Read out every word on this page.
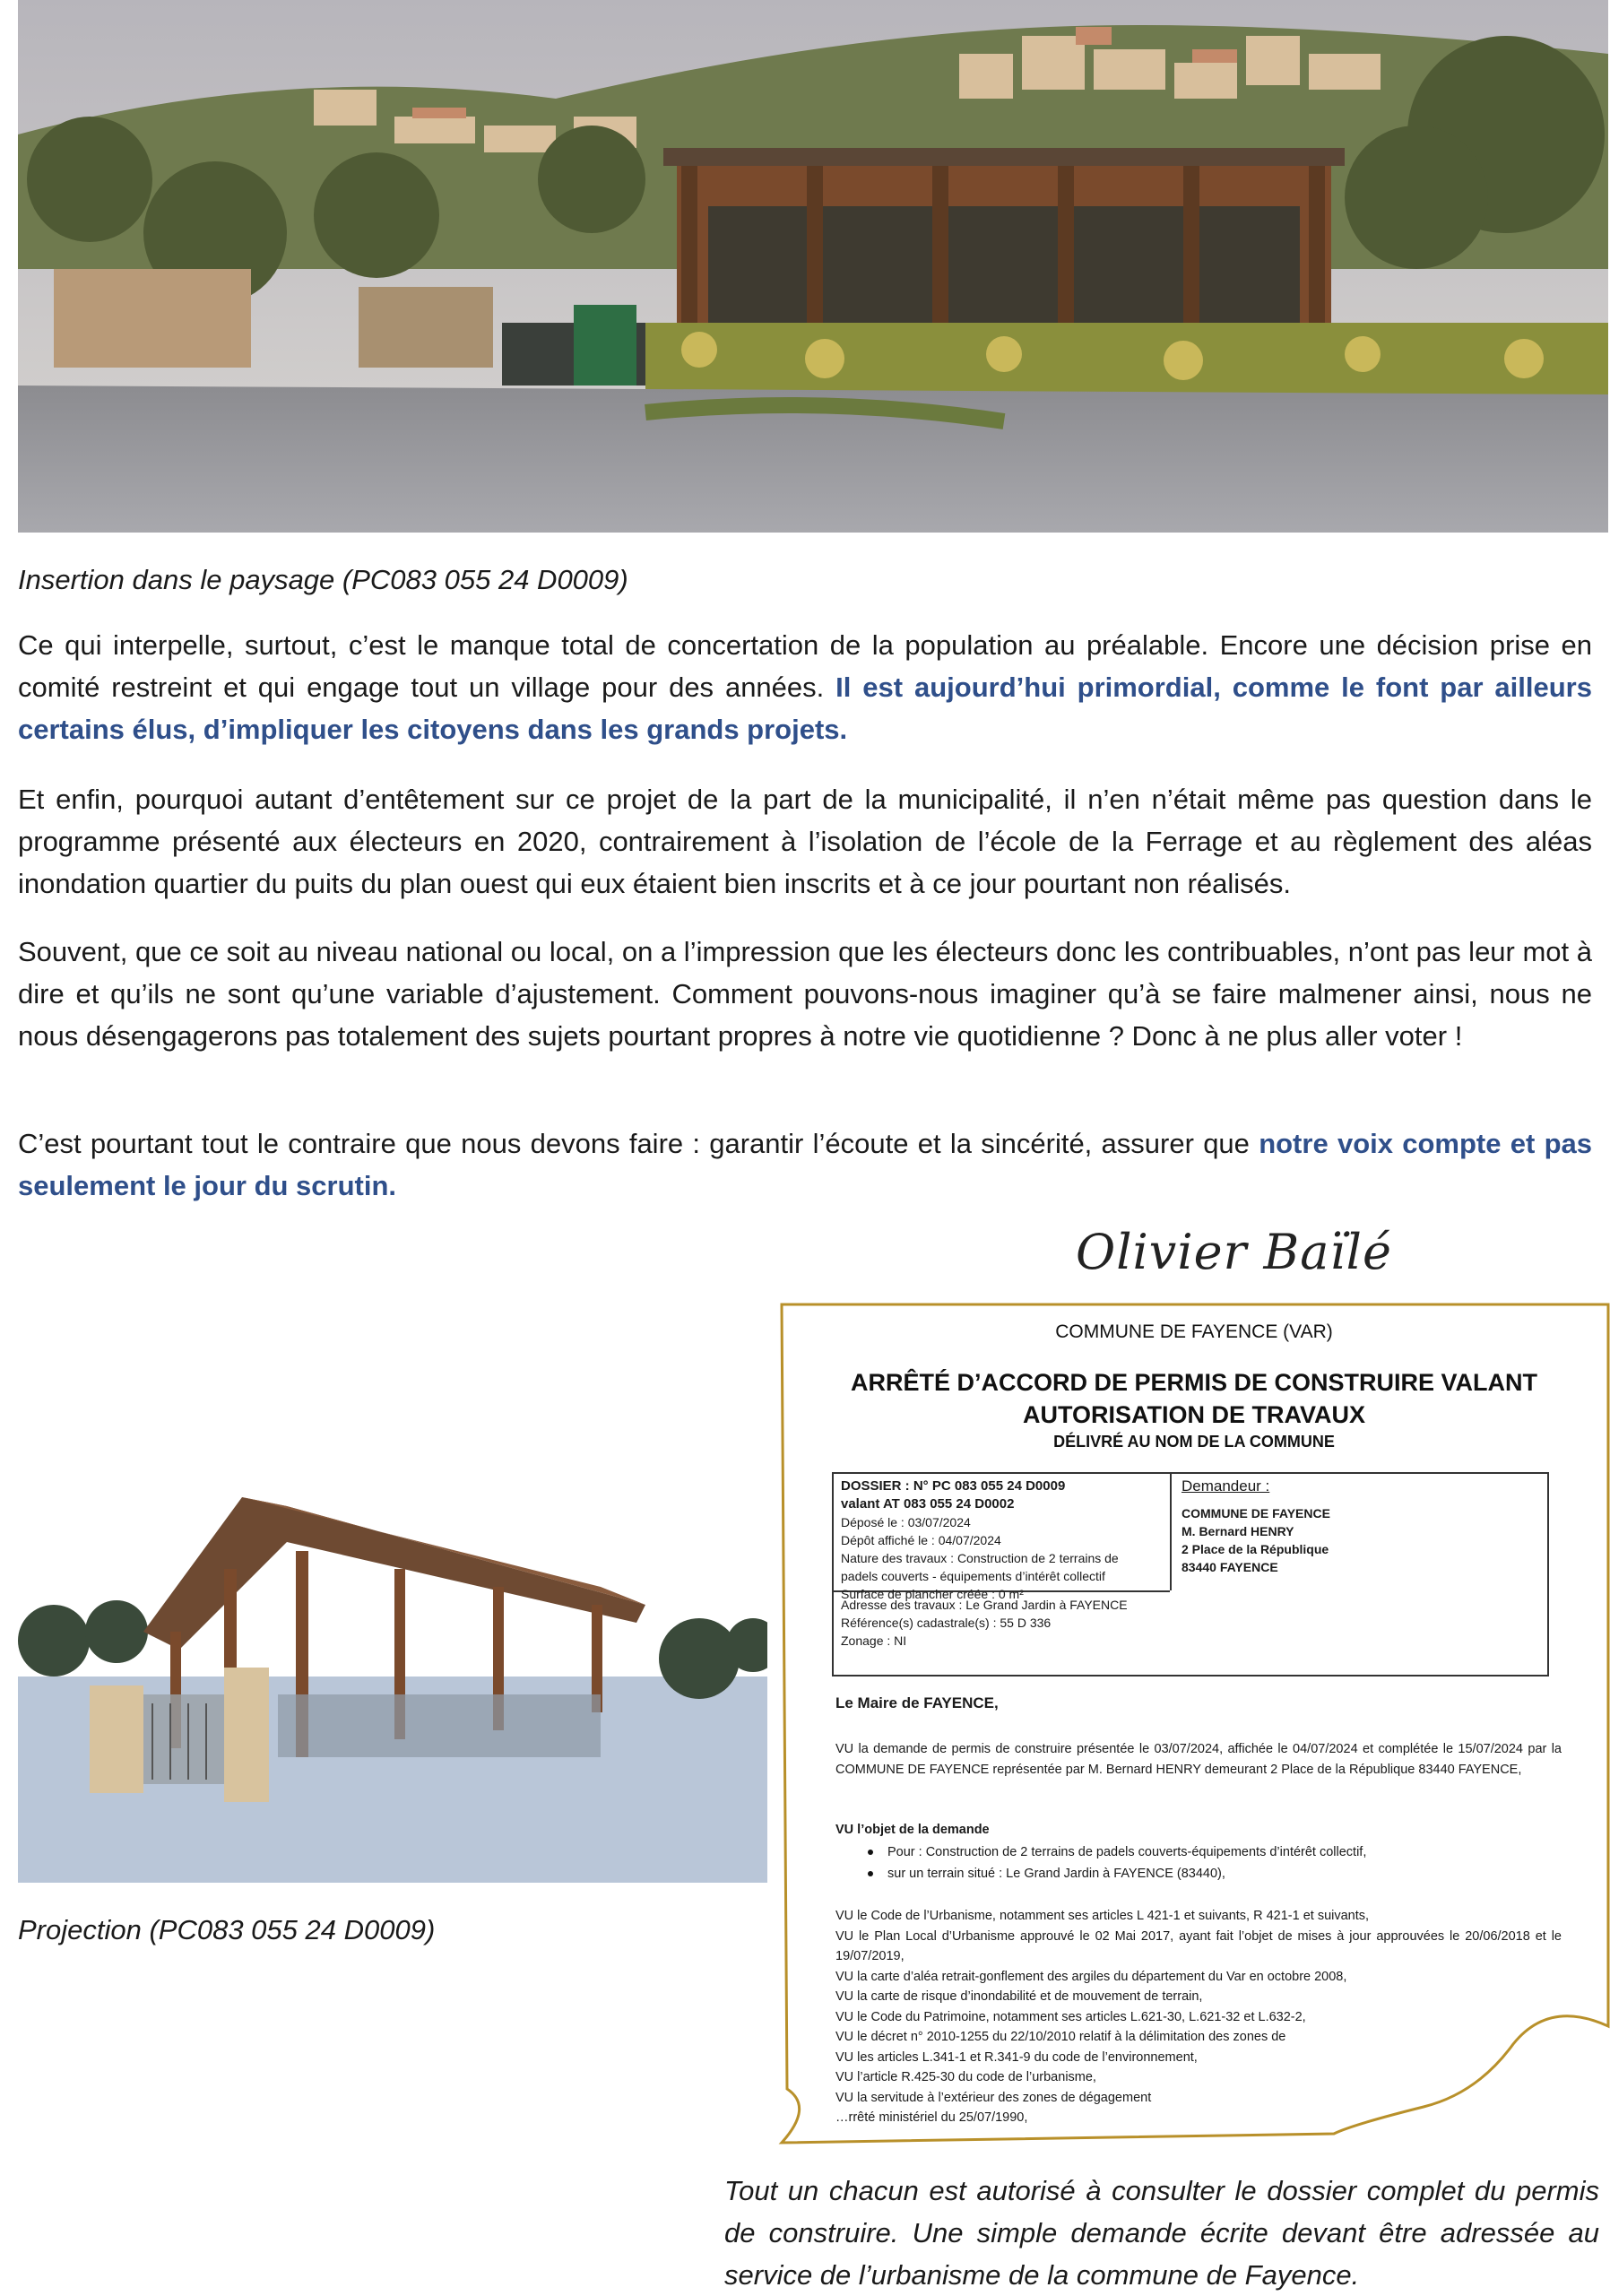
Insertion dans le paysage (PC083 055 24 D0009)
Ce qui interpelle, surtout, c’est le manque total de concertation de la population au préalable. Encore une décision prise en comité restreint et qui engage tout un village pour des années. Il est aujourd’hui primordial, comme le font par ailleurs certains élus, d’impliquer les citoyens dans les grands projets.
Et enfin, pourquoi autant d’entêtement sur ce projet de la part de la municipalité, il n’en n’était même pas question dans le programme présenté aux électeurs en 2020, contrairement à l’isolation de l’école de la Ferrage et au règlement des aléas inondation quartier du puits du plan ouest qui eux étaient bien inscrits et à ce jour pourtant non réalisés.
Souvent, que ce soit au niveau national ou local, on a l’impression que les électeurs donc les contribuables, n’ont pas leur mot à dire et qu’ils ne sont qu’une variable d’ajustement. Comment pouvons-nous imaginer qu’à se faire malmener ainsi, nous ne nous désengagerons pas totalement des sujets pourtant propres à notre vie quotidienne ? Donc à ne plus aller voter !
C’est pourtant tout le contraire que nous devons faire : garantir l’écoute et la sincérité, assurer que notre voix compte et pas seulement le jour du scrutin.
Olivier Baïlé
Projection (PC083 055 24 D0009)
COMMUNE DE FAYENCE (VAR)
ARRÊTÉ D’ACCORD DE PERMIS DE CONSTRUIRE VALANT
AUTORISATION DE TRAVAUX
DÉLIVRÉ AU NOM DE LA COMMUNE
DOSSIER : N° PC 083 055 24 D0009
valant AT 083 055 24 D0002
Déposé le : 03/07/2024
Dépôt affiché le : 04/07/2024
Nature des travaux : Construction de 2 terrains de
padels couverts - équipements d’intérêt collectif
Surface de plancher créée : 0 m²
Adresse des travaux : Le Grand Jardin à FAYENCE
Référence(s) cadastrale(s) : 55 D 336
Zonage : NI
Demandeur :
COMMUNE DE FAYENCE
M. Bernard HENRY
2 Place de la République
83440 FAYENCE
Le Maire de FAYENCE,
VU la demande de permis de construire présentée le 03/07/2024, affichée le 04/07/2024 et complétée le 15/07/2024 par la COMMUNE DE FAYENCE représentée par M. Bernard HENRY demeurant 2 Place de la République 83440 FAYENCE,
VU l’objet de la demande
Pour : Construction de 2 terrains de padels couverts-équipements d’intérêt collectif,
sur un terrain situé : Le Grand Jardin à FAYENCE (83440),
VU le Code de l’Urbanisme, notamment ses articles L 421-1 et suivants, R 421-1 et suivants,
VU le Plan Local d’Urbanisme approuvé le 02 Mai 2017, ayant fait l’objet de mises à jour approuvées le 20/06/2018 et le 19/07/2019,
VU la carte d’aléa retrait-gonflement des argiles du département du Var en octobre 2008,
VU la carte de risque d’inondabilité et de mouvement de terrain,
VU le Code du Patrimoine, notamment ses articles L.621-30, L.621-32 et L.632-2,
VU le décret n° 2010-1255 du 22/10/2010 relatif à la délimitation des zones de
VU les articles L.341-1 et R.341-9 du code de l’environnement,
VU l’article R.425-30 du code de l’urbanisme,
VU la servitude à l’extérieur des zones de dégagement
…rrêté ministériel du 25/07/1990,
Tout un chacun est autorisé à consulter le dossier complet du permis de construire. Une simple demande écrite devant être adressée au service de l’urbanisme de la commune de Fayence.
